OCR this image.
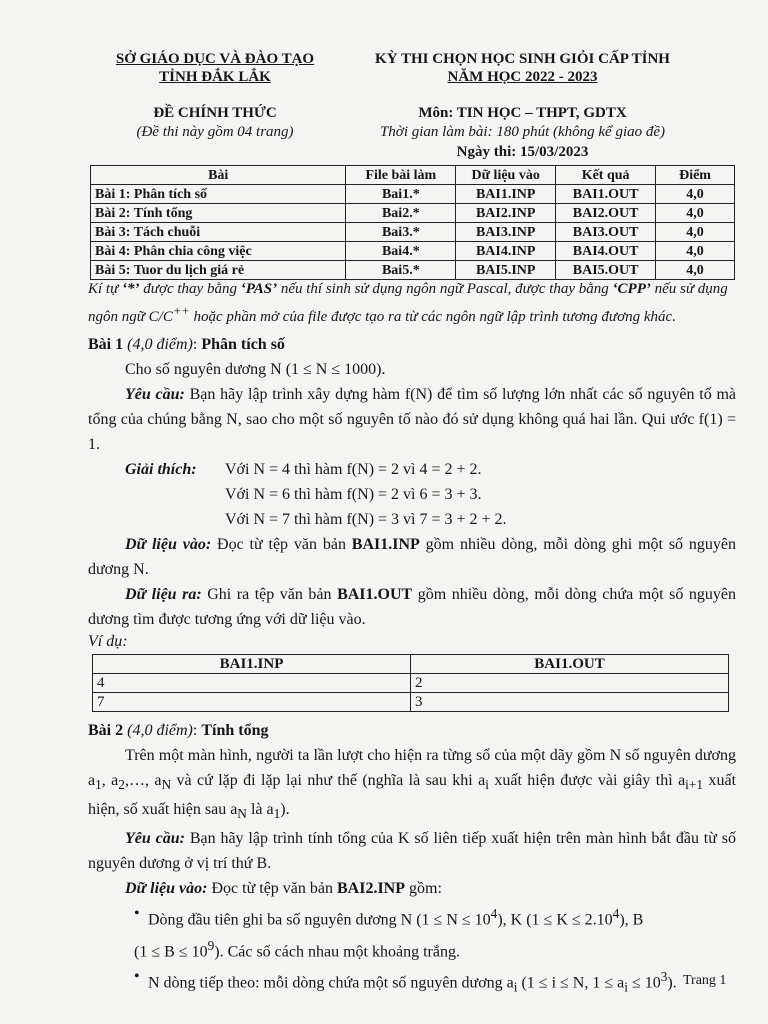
SỞ GIÁO DỤC VÀ ĐÀO TẠO
TỈNH ĐẮK LẮK
ĐỀ CHÍNH THỨC
(Đề thi này gồm 04 trang)
KỲ THI CHỌN HỌC SINH GIỎI CẤP TỈNH
NĂM HỌC 2022 - 2023
Môn: TIN HỌC – THPT, GDTX
Thời gian làm bài: 180 phút (không kể giao đề)
Ngày thi: 15/03/2023
Bài	File bài làm	Dữ liệu vào	Kết quả	Điểm
Bài 1: Phân tích số	Bai1.*	BAI1.INP	BAI1.OUT	4,0
Bài 2: Tính tổng	Bai2.*	BAI2.INP	BAI2.OUT	4,0
Bài 3: Tách chuỗi	Bai3.*	BAI3.INP	BAI3.OUT	4,0
Bài 4: Phân chia công việc	Bai4.*	BAI4.INP	BAI4.OUT	4,0
Bài 5: Tuor du lịch giá rẻ	Bai5.*	BAI5.INP	BAI5.OUT	4,0

Kí tự ‘*’ được thay bằng ‘PAS’ nếu thí sinh sử dụng ngôn ngữ Pascal, được thay bằng ‘CPP’ nếu sử dụng ngôn ngữ C/C++ hoặc phần mở của file được tạo ra từ các ngôn ngữ lập trình tương đương khác.

Bài 1 (4,0 điểm): Phân tích số

Cho số nguyên dương N (1 ≤ N ≤ 1000).

Yêu cầu: Bạn hãy lập trình xây dựng hàm f(N) để tìm số lượng lớn nhất các số nguyên tố mà tổng của chúng bằng N, sao cho một số nguyên tố nào đó sử dụng không quá hai lần. Qui ước f(1) = 1.

Giải thích: Với N = 4 thì hàm f(N) = 2 vì 4 = 2 + 2.

Với N = 6 thì hàm f(N) = 2 vì 6 = 3 + 3.

Với N = 7 thì hàm f(N) = 3 vì 7 = 3 + 2 + 2.

Dữ liệu vào: Đọc từ tệp văn bản BAI1.INP gồm nhiều dòng, mỗi dòng ghi một số nguyên dương N.

Dữ liệu ra: Ghi ra tệp văn bản BAI1.OUT gồm nhiều dòng, mỗi dòng chứa một số nguyên dương tìm được tương ứng với dữ liệu vào.

Ví dụ:

BAI1.INP	BAI1.OUT
4	2
7	3

Bài 2 (4,0 điểm): Tính tổng

Trên một màn hình, người ta lần lượt cho hiện ra từng số của một dãy gồm N số nguyên dương $a_1$, $a_2,\dots$, $a_N$ và cứ lặp đi lặp lại như thế (nghĩa là sau khi $a_i$ xuất hiện được vài giây thì $a_{i+1}$ xuất hiện, số xuất hiện sau $a_N$ là $a_1$).

Yêu cầu: Bạn hãy lập trình tính tổng của K số liên tiếp xuất hiện trên màn hình bắt đầu từ số nguyên dương ở vị trí thứ B.

Dữ liệu vào: Đọc từ tệp văn bản BAI2.INP gồm:

• Dòng đầu tiên ghi ba số nguyên dương N $(1 \le N \le 10^4)$, K $(1 \le K \le 2.10^4)$, B

$(1 \le B \le 10^9)$. Các số cách nhau một khoảng trắng.

• N dòng tiếp theo: mỗi dòng chứa một số nguyên dương $a_i$ (1 ≤ i ≤ N, $1 \le a_i \le 10^3$). Trang 1
